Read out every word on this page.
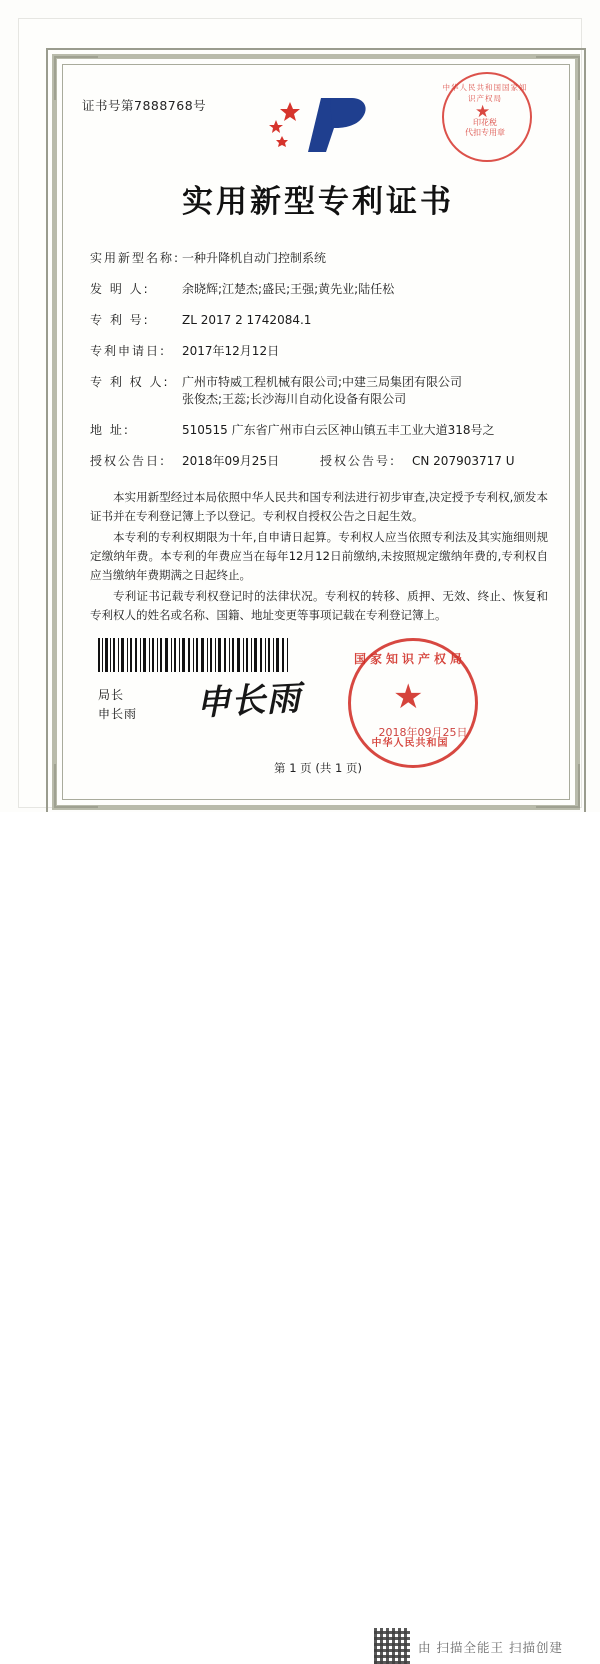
证书号第7888768号
中华人民共和国国家知识产权局
★
印花税
代扣专用章
实用新型专利证书
实用新型名称: 一种升降机自动门控制系统
发 明 人:	余晓辉;江楚杰;盛民;王强;黄先业;陆任松
专 利 号:	ZL 2017 2 1742084.1
专利申请日:	2017年12月12日
专 利 权 人:	广州市特威工程机械有限公司;中建三局集团有限公司
张俊杰;王蕊;长沙海川自动化设备有限公司
地 址:	510515 广东省广州市白云区神山镇五丰工业大道318号之
授权公告日:	2018年09月25日	授权公告号:	CN 207903717 U

本实用新型经过本局依照中华人民共和国专利法进行初步审查,决定授予专利权,颁发本证书并在专利登记簿上予以登记。专利权自授权公告之日起生效。

本专利的专利权期限为十年,自申请日起算。专利权人应当依照专利法及其实施细则规定缴纳年费。本专利的年费应当在每年12月12日前缴纳,未按照规定缴纳年费的,专利权自应当缴纳年费期满之日起终止。

专利证书记载专利权登记时的法律状况。专利权的转移、质押、无效、终止、恢复和专利权人的姓名或名称、国籍、地址变更等事项记载在专利登记簿上。

局长
申长雨 申长雨
国家知识产权局
★
中华人民共和国
2018年09月25日
第 1 页 (共 1 页)
由 扫描全能王 扫描创建
